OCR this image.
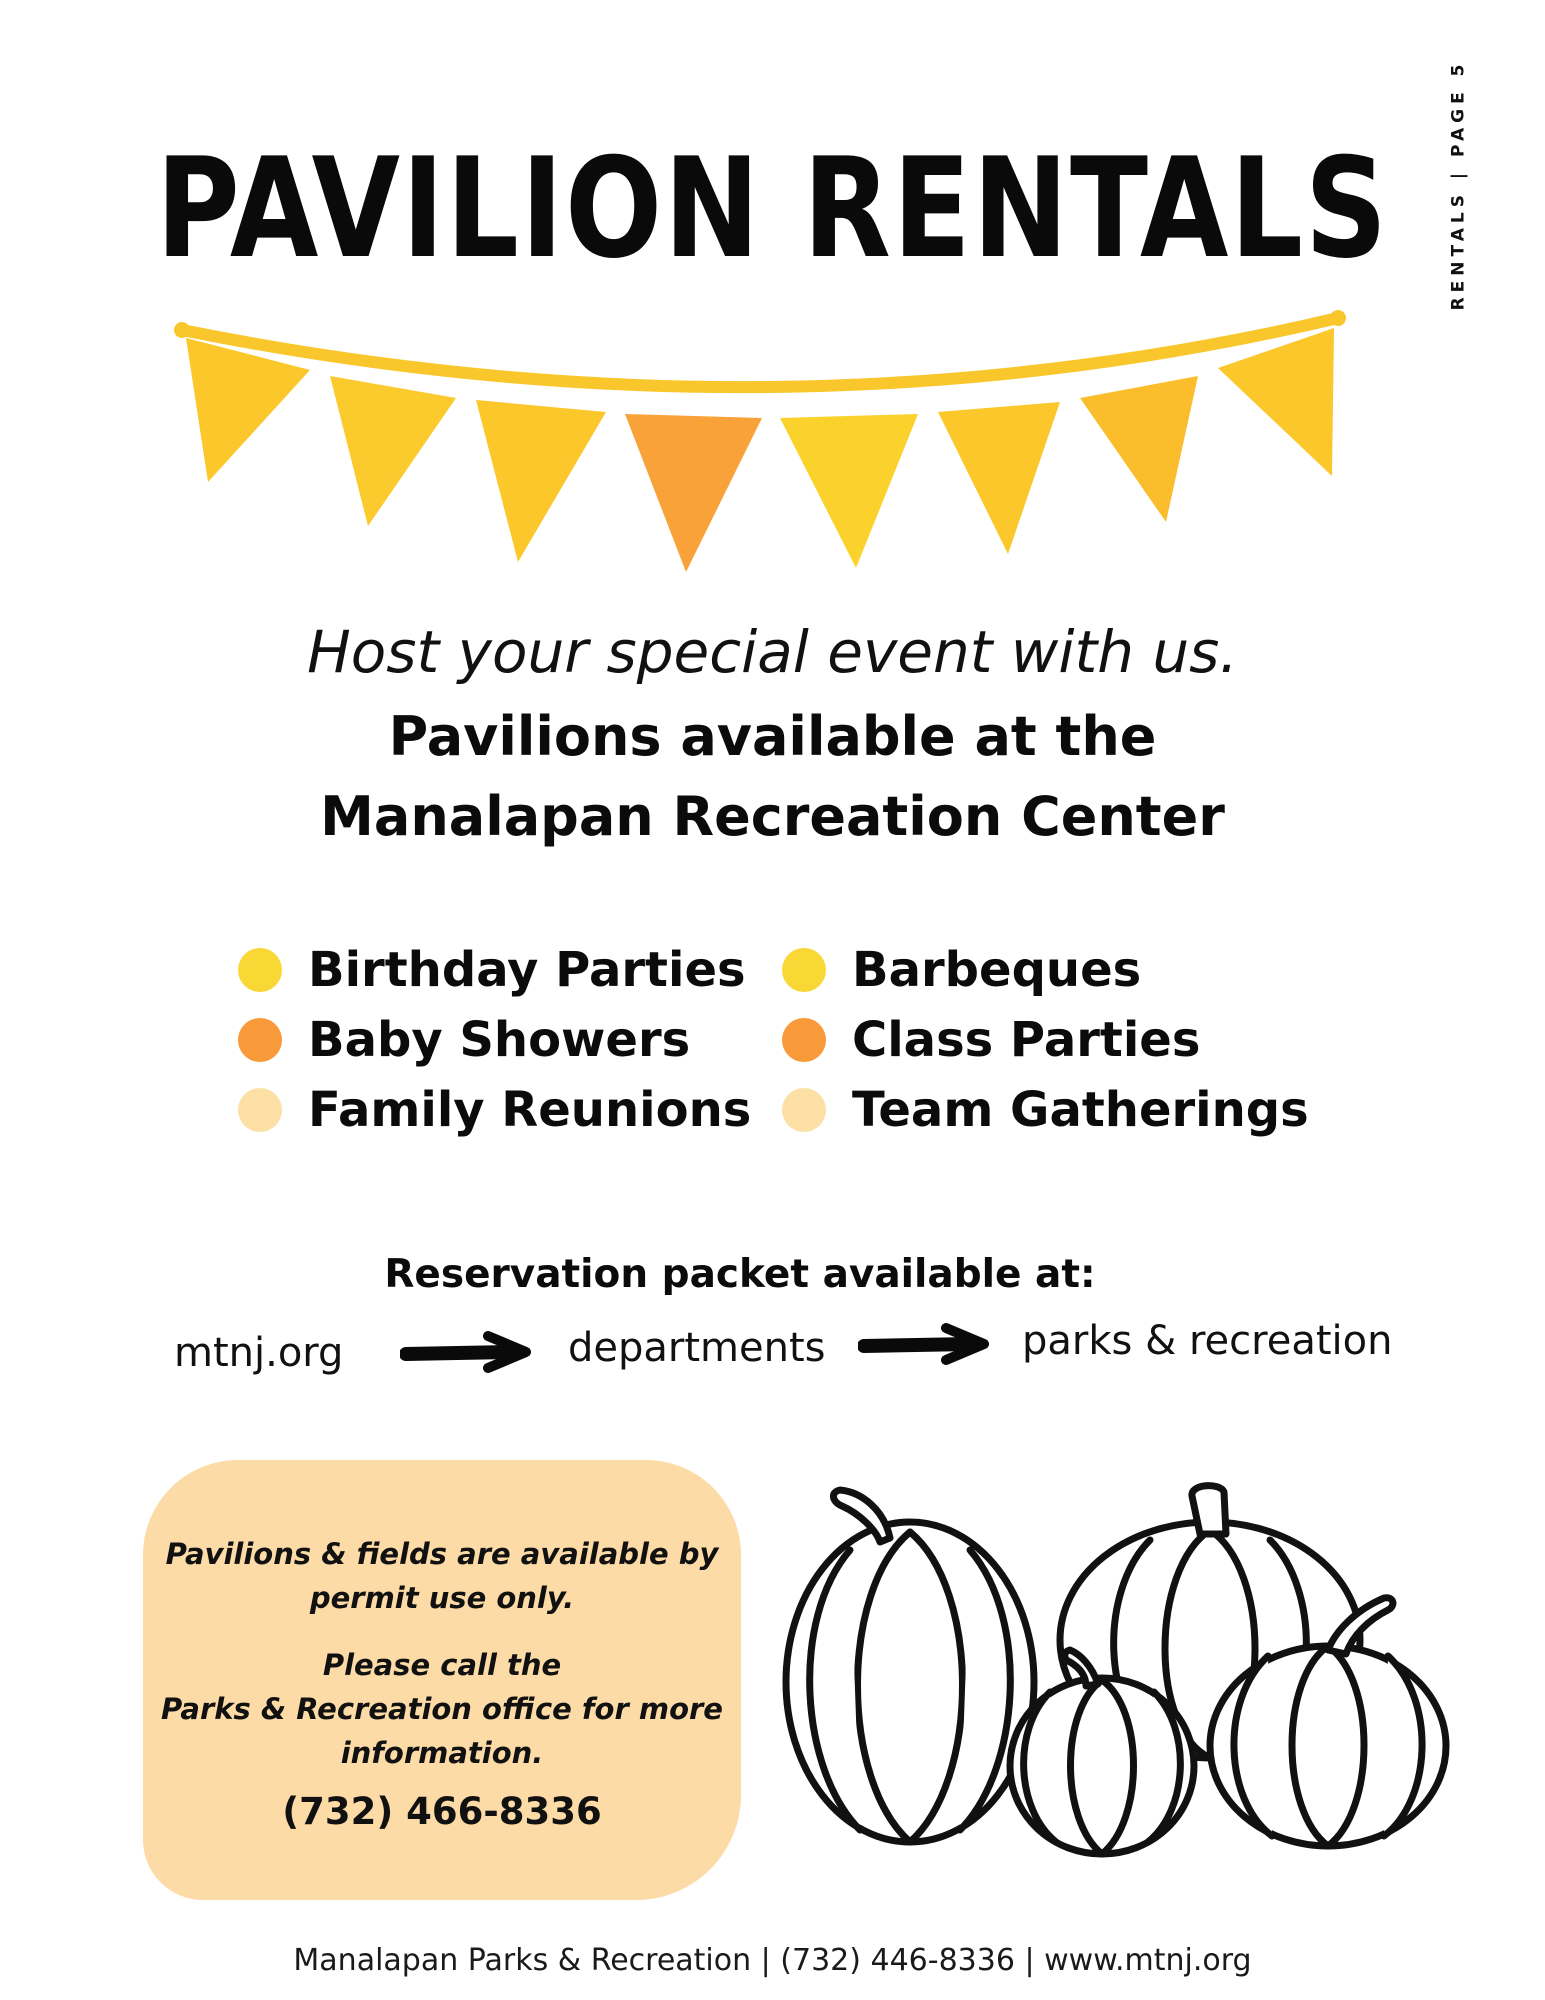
RENTALS | PAGE 5
PAVILION RENTALS
Host your special event with us.
Pavilions available at the
Manalapan Recreation Center
Birthday Parties
Baby Showers
Family Reunions
Barbeques
Class Parties
Team Gatherings
Reservation packet available at:
mtnj.org	departments	parks & recreation
Pavilions & fields are available by
permit use only.
Please call the
Parks & Recreation office for more
information.
(732) 466-8336
Manalapan Parks & Recreation | (732) 446-8336 | www.mtnj.org
